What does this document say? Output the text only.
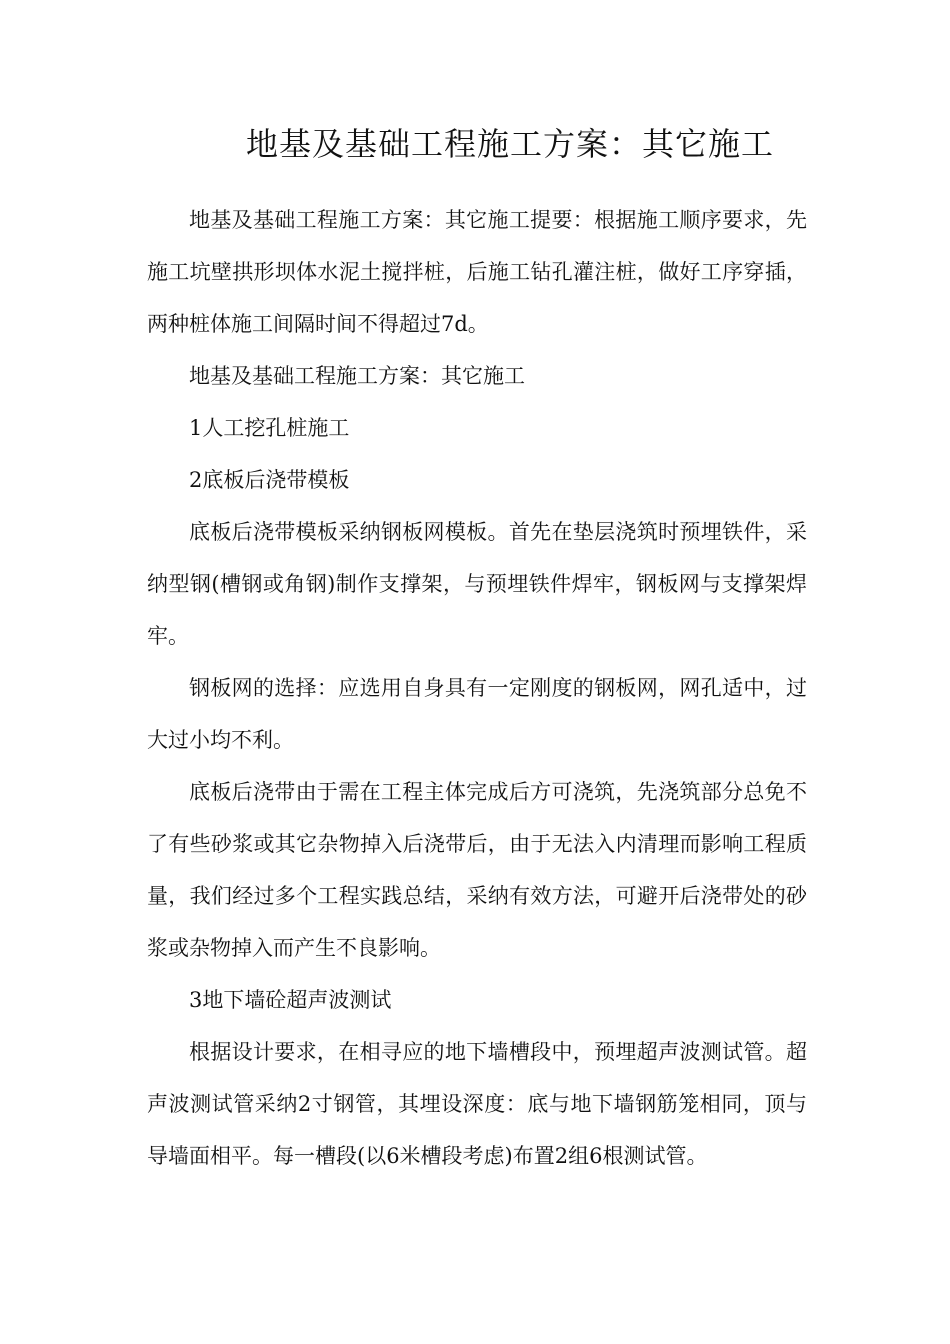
地基及基础工程施工方案：其它施工

地基及基础工程施工方案：其它施工提要：根据施工顺序要求，先施工坑壁拱形坝体水泥土搅拌桩，后施工钻孔灌注桩，做好工序穿插，两种桩体施工间隔时间不得超过7d。

地基及基础工程施工方案：其它施工

1人工挖孔桩施工

2底板后浇带模板

底板后浇带模板采纳钢板网模板。首先在垫层浇筑时预埋铁件，采纳型钢(槽钢或角钢)制作支撑架，与预埋铁件焊牢，钢板网与支撑架焊牢。

钢板网的选择：应选用自身具有一定刚度的钢板网，网孔适中，过大过小均不利。

底板后浇带由于需在工程主体完成后方可浇筑，先浇筑部分总免不了有些砂浆或其它杂物掉入后浇带后，由于无法入内清理而影响工程质量，我们经过多个工程实践总结，采纳有效方法，可避开后浇带处的砂浆或杂物掉入而产生不良影响。

3地下墙砼超声波测试

根据设计要求，在相寻应的地下墙槽段中，预埋超声波测试管。超声波测试管采纳2寸钢管，其埋设深度：底与地下墙钢筋笼相同，顶与导墙面相平。每一槽段(以6米槽段考虑)布置2组6根测试管。
